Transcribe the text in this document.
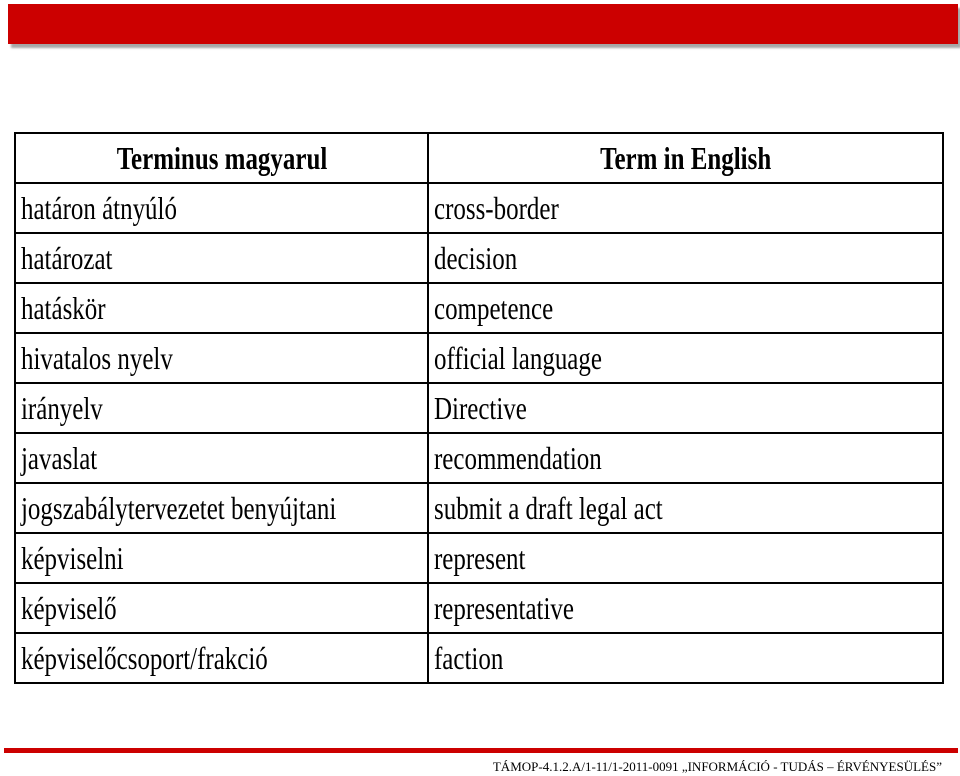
Terminus magyarul	Term in English
határon átnyúló	cross-border
határozat	decision
hatáskör	competence
hivatalos nyelv	official language
irányelv	Directive
javaslat	recommendation
jogszabálytervezetet benyújtani	submit a draft legal act
képviselni	represent
képviselő	representative
képviselőcsoport/frakció	faction
TÁMOP-4.1.2.A/1-11/1-2011-0091 „INFORMÁCIÓ - TUDÁS – ÉRVÉNYESÜLÉS”
